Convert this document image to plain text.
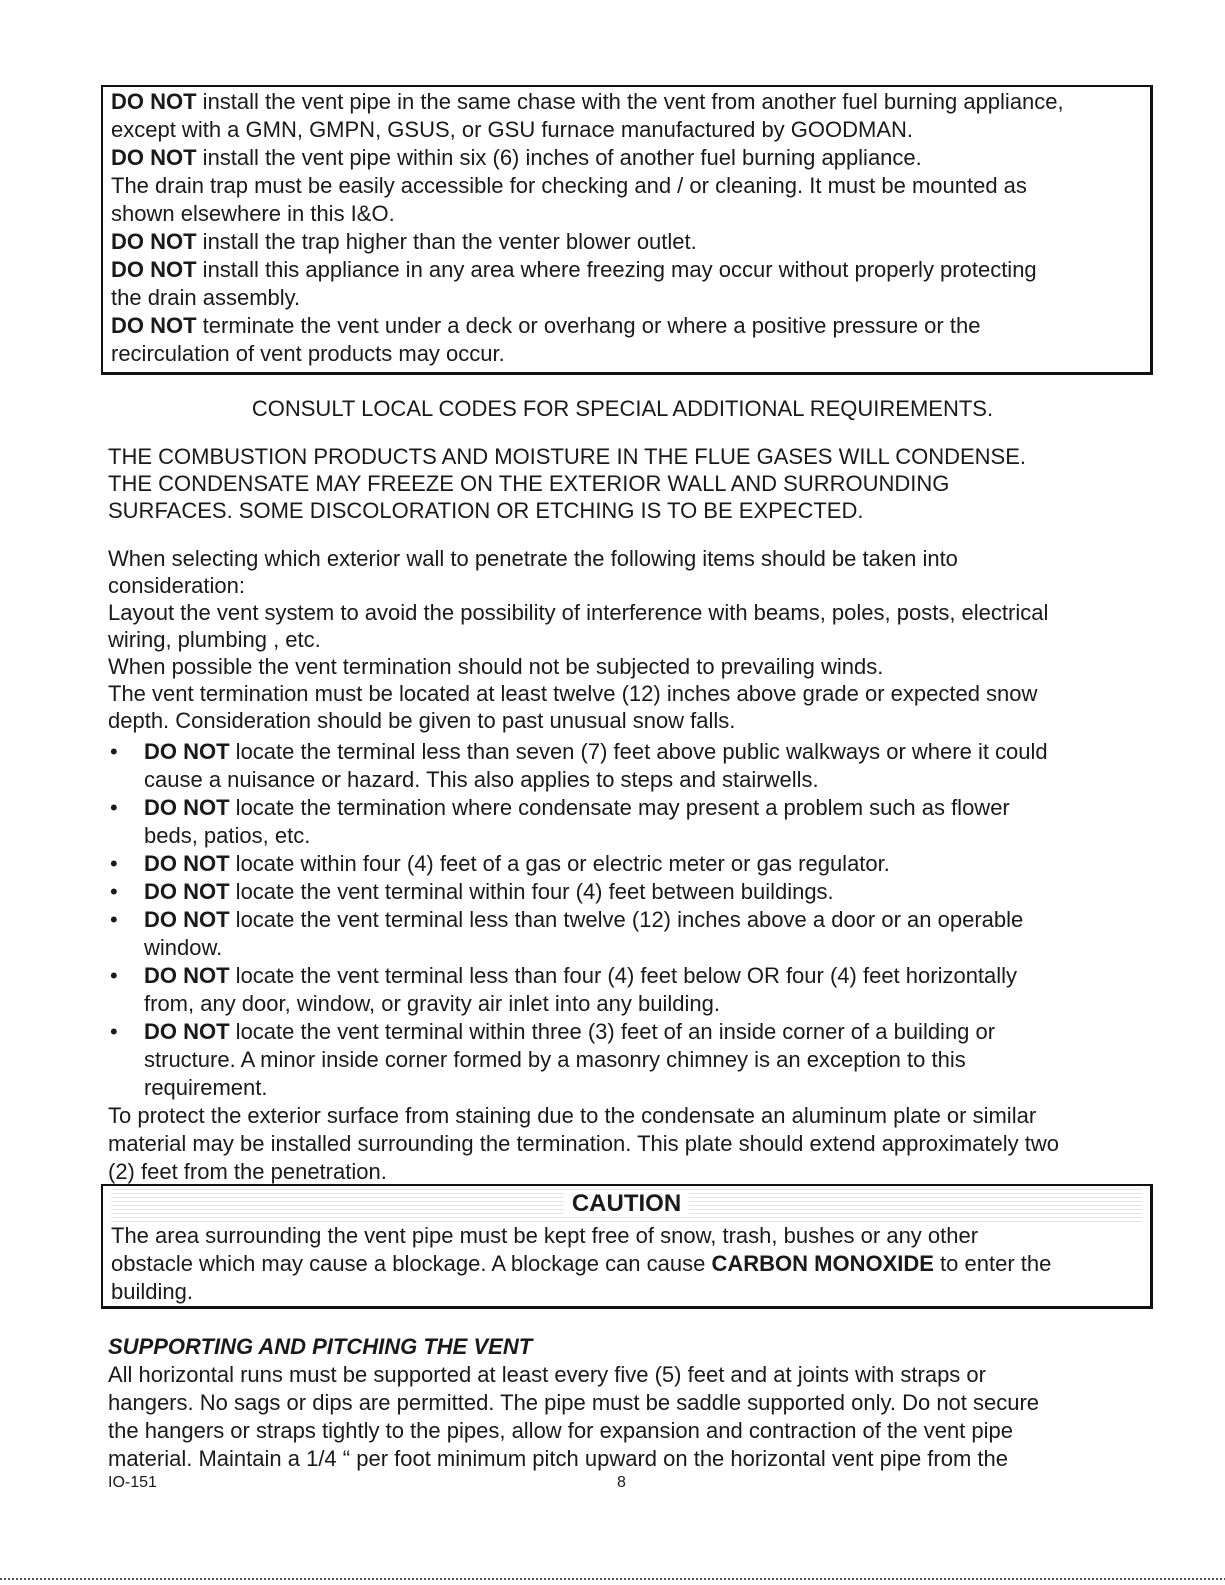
DO NOT install the vent pipe in the same chase with the vent from another fuel burning appliance,
except with a GMN, GMPN, GSUS, or GSU furnace manufactured by GOODMAN.
DO NOT install the vent pipe within six (6) inches of another fuel burning appliance.
The drain trap must be easily accessible for checking and / or cleaning. It must be mounted as
shown elsewhere in this I&O.
DO NOT install the trap higher than the venter blower outlet.
DO NOT install this appliance in any area where freezing may occur without properly protecting
the drain assembly.
DO NOT terminate the vent under a deck or overhang or where a positive pressure or the
recirculation of vent products may occur.
CONSULT LOCAL CODES FOR SPECIAL ADDITIONAL REQUIREMENTS.
THE COMBUSTION PRODUCTS AND MOISTURE IN THE FLUE GASES WILL CONDENSE.
THE CONDENSATE MAY FREEZE ON THE EXTERIOR WALL AND SURROUNDING
SURFACES. SOME DISCOLORATION OR ETCHING IS TO BE EXPECTED.
When selecting which exterior wall to penetrate the following items should be taken into
consideration:
Layout the vent system to avoid the possibility of interference with beams, poles, posts, electrical
wiring, plumbing , etc.
When possible the vent termination should not be subjected to prevailing winds.
The vent termination must be located at least twelve (12) inches above grade or expected snow
depth. Consideration should be given to past unusual snow falls.
• DO NOT locate the terminal less than seven (7) feet above public walkways or where it could
cause a nuisance or hazard. This also applies to steps and stairwells.
• DO NOT locate the termination where condensate may present a problem such as flower
beds, patios, etc.
• DO NOT locate within four (4) feet of a gas or electric meter or gas regulator.
• DO NOT locate the vent terminal within four (4) feet between buildings.
• DO NOT locate the vent terminal less than twelve (12) inches above a door or an operable
window.
• DO NOT locate the vent terminal less than four (4) feet below OR four (4) feet horizontally
from, any door, window, or gravity air inlet into any building.
• DO NOT locate the vent terminal within three (3) feet of an inside corner of a building or
structure. A minor inside corner formed by a masonry chimney is an exception to this
requirement.
To protect the exterior surface from staining due to the condensate an aluminum plate or similar
material may be installed surrounding the termination. This plate should extend approximately two
(2) feet from the penetration.
CAUTION
The area surrounding the vent pipe must be kept free of snow, trash, bushes or any other
obstacle which may cause a blockage. A blockage can cause CARBON MONOXIDE to enter the
building.
SUPPORTING AND PITCHING THE VENT
All horizontal runs must be supported at least every five (5) feet and at joints with straps or
hangers. No sags or dips are permitted. The pipe must be saddle supported only. Do not secure
the hangers or straps tightly to the pipes, allow for expansion and contraction of the vent pipe
material. Maintain a 1/4 “ per foot minimum pitch upward on the horizontal vent pipe from the
IO-151	8
